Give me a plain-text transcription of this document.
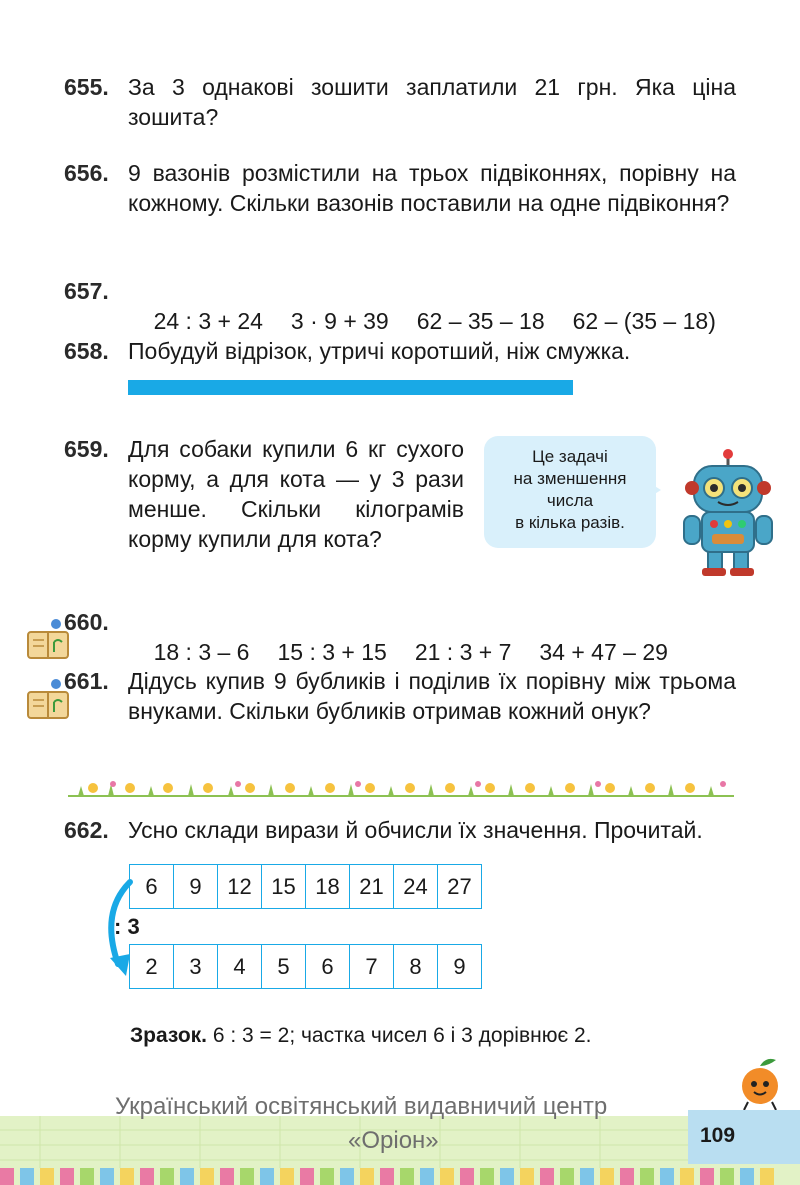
655. За 3 однакові зошити заплатили 21 грн. Яка ціна зошита?
656. 9 вазонів розмістили на трьох підвіконнях, порівну на кожному. Скільки вазонів поставили на одне підвіконня?
657.

24 : 3 + 24 3 · 9 + 39 62 – 35 – 18 62 – (35 – 18)

658. Побудуй відрізок, утричі коротший, ніж смужка.
659. Для собаки купили 6 кг сухого корму, а для кота — у 3 рази менше. Скільки кілограмів корму купили для кота?
Це задачі
на зменшення
числа
в кілька разів.
660.

18 : 3 – 6 15 : 3 + 15 21 : 3 + 7 34 + 47 – 29

661. Дідусь купив 9 бубликів і поділив їх порівну між трьома внуками. Скільки бубликів отримав кожний онук?
662. Усно склади вирази й обчисли їх значення. Прочитай.
6	9	12	15	18	21	24	27
: 3
2	3	4	5	6	7	8	9
Зразок. 6 : 3 = 2; частка чисел 6 і 3 дорівнює 2.
Український освітянський видавничий центр
«Оріон»	109
